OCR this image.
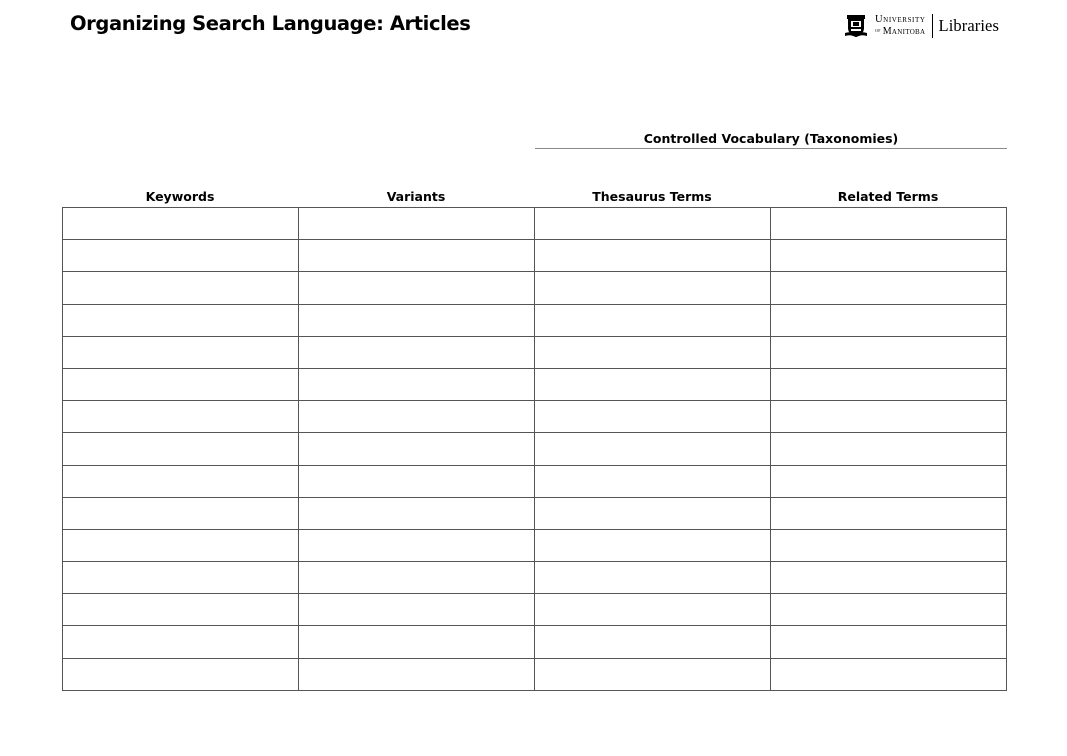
Organizing Search Language: Articles	University
of Manitoba Libraries
Controlled Vocabulary (Taxonomies)
Keywords	Variants	Thesaurus Terms	Related Terms
